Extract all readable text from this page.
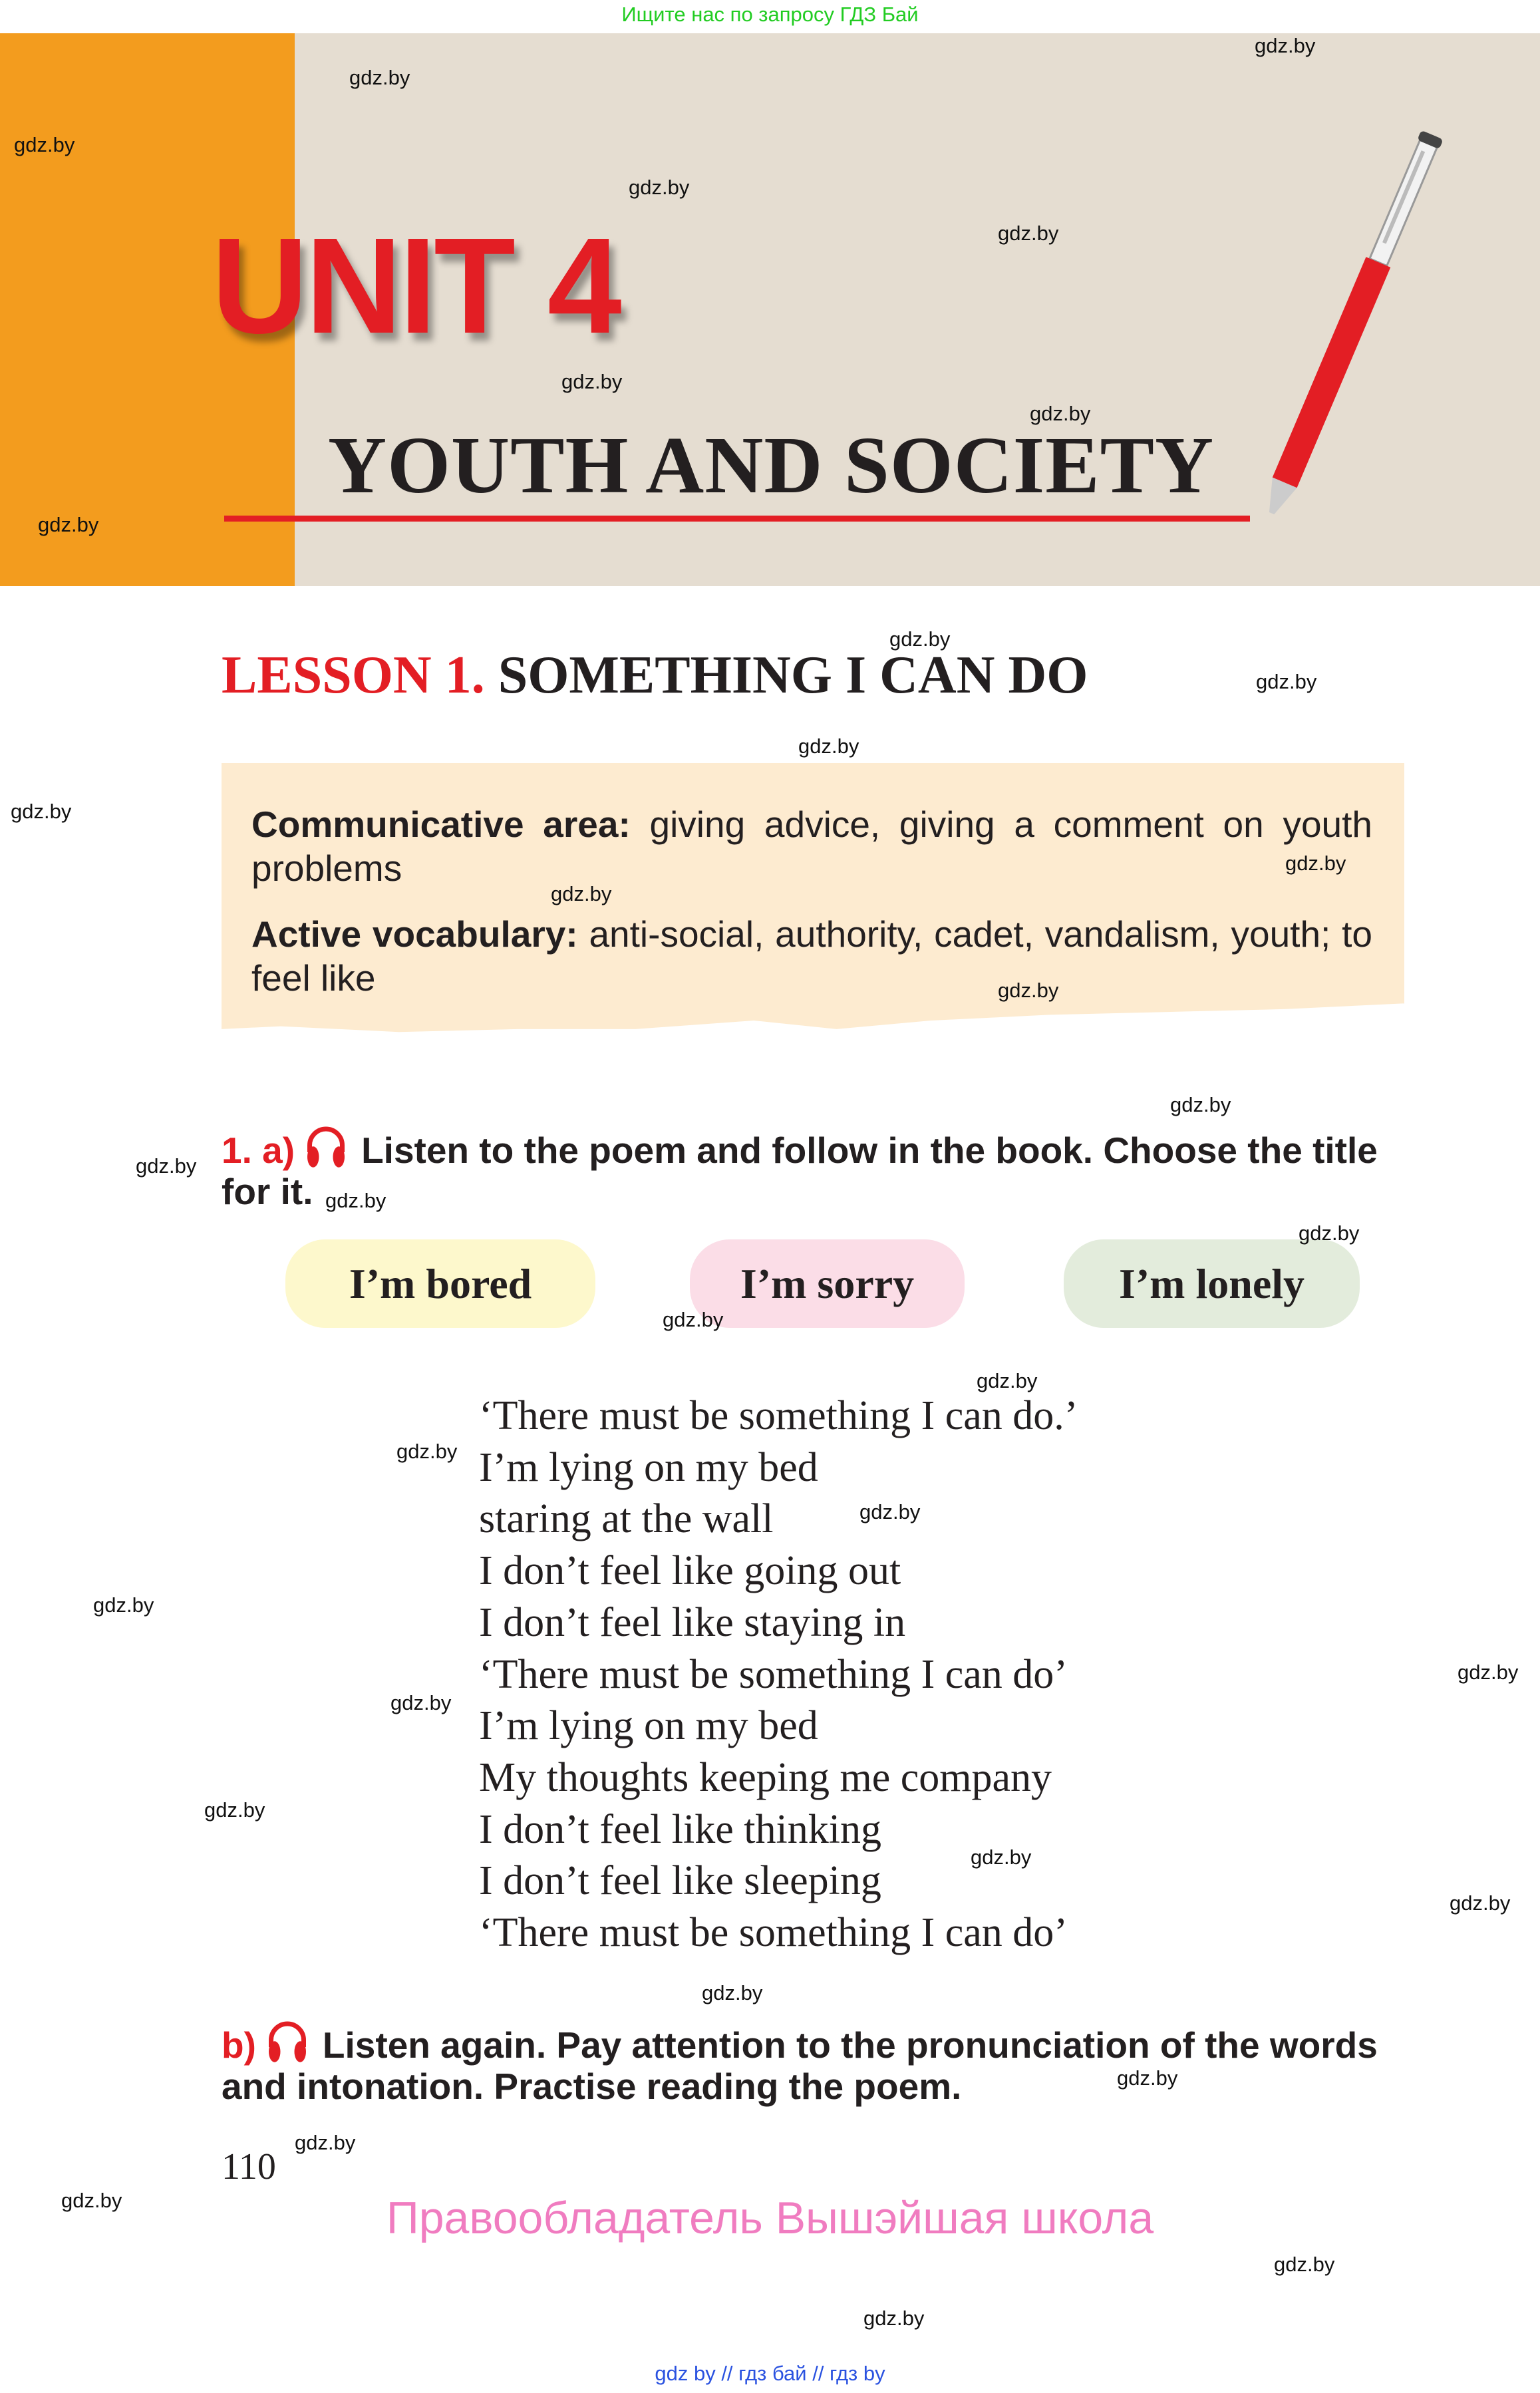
Ищите нас по запросу ГДЗ Бай
UNIT 4
YOUTH AND SOCIETY
LESSON 1. SOMETHING I CAN DO
Communicative area: giving advice, giving a comment on youth problems
Active vocabulary: anti-social, authority, cadet, vandalism, youth; to feel like
1. a) Listen to the poem and follow in the book. Choose the title for it.
I’m bored	I’m sorry	I’m lonely
‘There must be something I can do.’
I’m lying on my bed
staring at the wall
I don’t feel like going out
I don’t feel like staying in
‘There must be something I can do’
I’m lying on my bed
My thoughts keeping me company
I don’t feel like thinking
I don’t feel like sleeping
‘There must be something I can do’
b) Listen again. Pay attention to the pronunciation of the words and intonation. Practise reading the poem.
110
Правообладатель Вышэйшая школа
gdz by // гдз бай // гдз by
gdz.by
gdz.by
gdz.by
gdz.by
gdz.by
gdz.by
gdz.by
gdz.by
gdz.by
gdz.by
gdz.by
gdz.by
gdz.by
gdz.by
gdz.by
gdz.by
gdz.by
gdz.by
gdz.by
gdz.by
gdz.by
gdz.by
gdz.by
gdz.by
gdz.by
gdz.by
gdz.by
gdz.by
gdz.by
gdz.by
gdz.by
gdz.by
gdz.by
gdz.by
gdz.by
